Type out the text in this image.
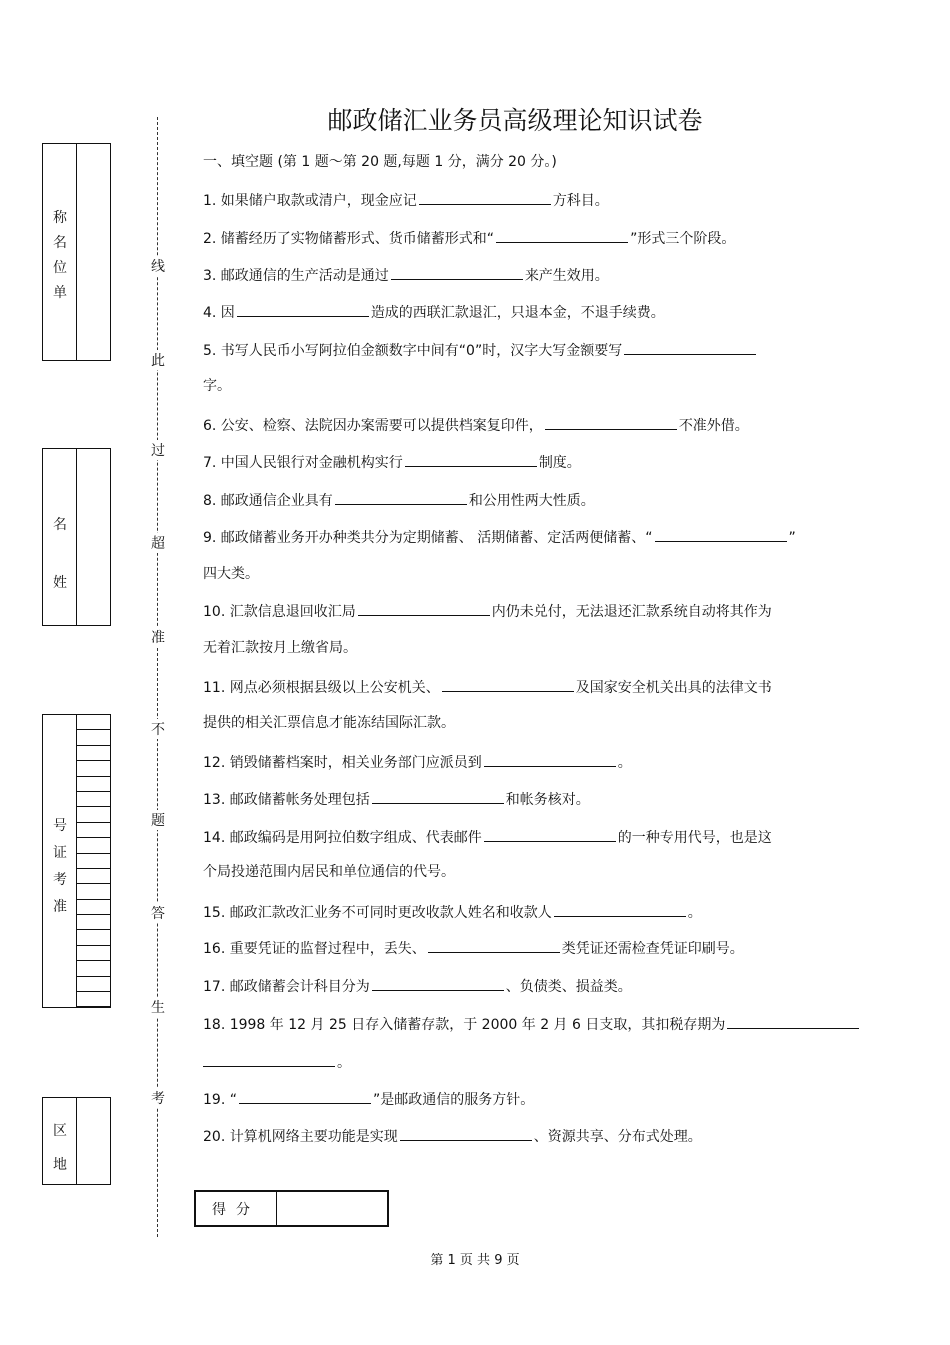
邮政储汇业务员高级理论知识试卷
一、填空题 (第 1 题～第 20 题,每题 1 分，满分 20 分。)
1. 如果储户取款或清户，现金应记	方科目。
2. 储蓄经历了实物储蓄形式、货币储蓄形式和“	”形式三个阶段。
3. 邮政通信的生产活动是通过	来产生效用。
4. 因	造成的西联汇款退汇，只退本金，不退手续费。
5. 书写人民币小写阿拉伯金额数字中间有“0”时，汉字大写金额要写
字。
6. 公安、检察、法院因办案需要可以提供档案复印件，	不准外借。
7. 中国人民银行对金融机构实行	制度。
8. 邮政通信企业具有	和公用性两大性质。
9. 邮政储蓄业务开办种类共分为定期储蓄、 活期储蓄、定活两便储蓄、“	”
四大类。
10. 汇款信息退回收汇局	内仍未兑付，无法退还汇款系统自动将其作为
无着汇款按月上缴省局。
11. 网点必须根据县级以上公安机关、	及国家安全机关出具的法律文书
提供的相关汇票信息才能冻结国际汇款。
12. 销毁储蓄档案时，相关业务部门应派员到	。
13. 邮政储蓄帐务处理包括	和帐务核对。
14. 邮政编码是用阿拉伯数字组成、代表邮件	的一种专用代号，也是这
个局投递范围内居民和单位通信的代号。
15. 邮政汇款改汇业务不可同时更改收款人姓名和收款人	。
16. 重要凭证的监督过程中，丢失、	类凭证还需检查凭证印刷号。
17. 邮政储蓄会计科目分为	、负债类、损益类。
18. 1998 年 12 月 25 日存入储蓄存款，于 2000 年 2 月 6 日支取，其扣税存期为
。
19. “	”是邮政通信的服务方针。
20. 计算机网络主要功能是实现	、资源共享、分布式处理。
称
名
位
单
名
姓
号
证
考
准
区
地
线
此
过
超
准
不
题
答
生
考
得分
第 1 页 共 9 页
